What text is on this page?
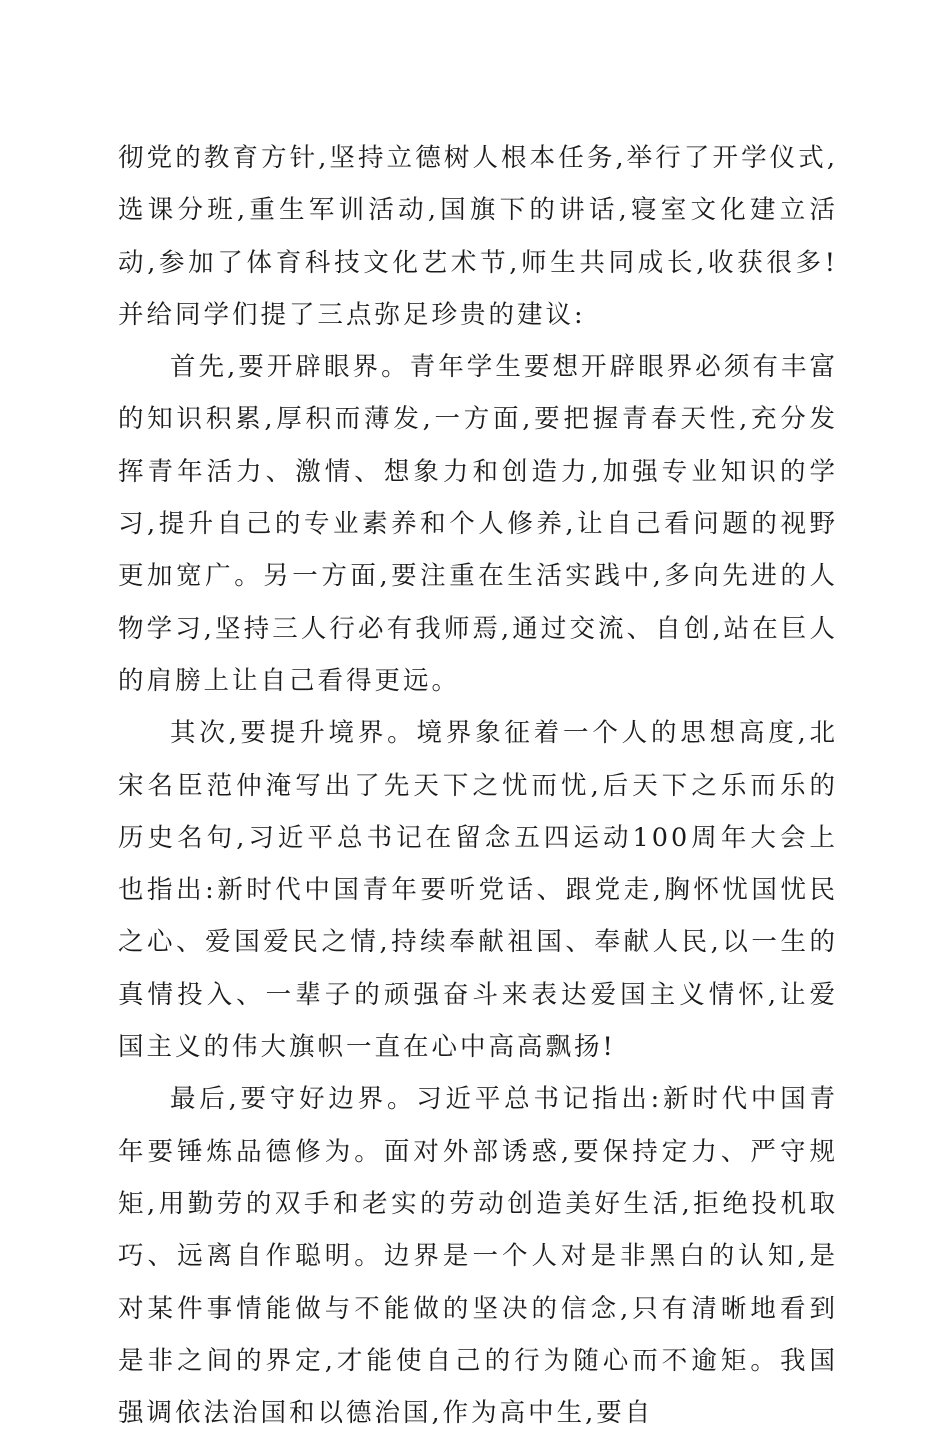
彻党的教育方针,坚持立德树人根本任务,举行了开学仪式,选课分班,重生军训活动,国旗下的讲话,寝室文化建立活动,参加了体育科技文化艺术节,师生共同成长,收获很多!并给同学们提了三点弥足珍贵的建议:

首先,要开辟眼界。青年学生要想开辟眼界必须有丰富的知识积累,厚积而薄发,一方面,要把握青春天性,充分发挥青年活力、激情、想象力和创造力,加强专业知识的学习,提升自己的专业素养和个人修养,让自己看问题的视野更加宽广。另一方面,要注重在生活实践中,多向先进的人物学习,坚持三人行必有我师焉,通过交流、自创,站在巨人的肩膀上让自己看得更远。

其次,要提升境界。境界象征着一个人的思想高度,北宋名臣范仲淹写出了先天下之忧而忧,后天下之乐而乐的历史名句,习近平总书记在留念五四运动100周年大会上也指出:新时代中国青年要听党话、跟党走,胸怀忧国忧民之心、爱国爱民之情,持续奉献祖国、奉献人民,以一生的真情投入、一辈子的顽强奋斗来表达爱国主义情怀,让爱国主义的伟大旗帜一直在心中高高飘扬!

最后,要守好边界。习近平总书记指出:新时代中国青年要锤炼品德修为。面对外部诱惑,要保持定力、严守规矩,用勤劳的双手和老实的劳动创造美好生活,拒绝投机取巧、远离自作聪明。边界是一个人对是非黑白的认知,是对某件事情能做与不能做的坚决的信念,只有清晰地看到是非之间的界定,才能使自己的行为随心而不逾矩。我国强调依法治国和以德治国,作为高中生,要自
